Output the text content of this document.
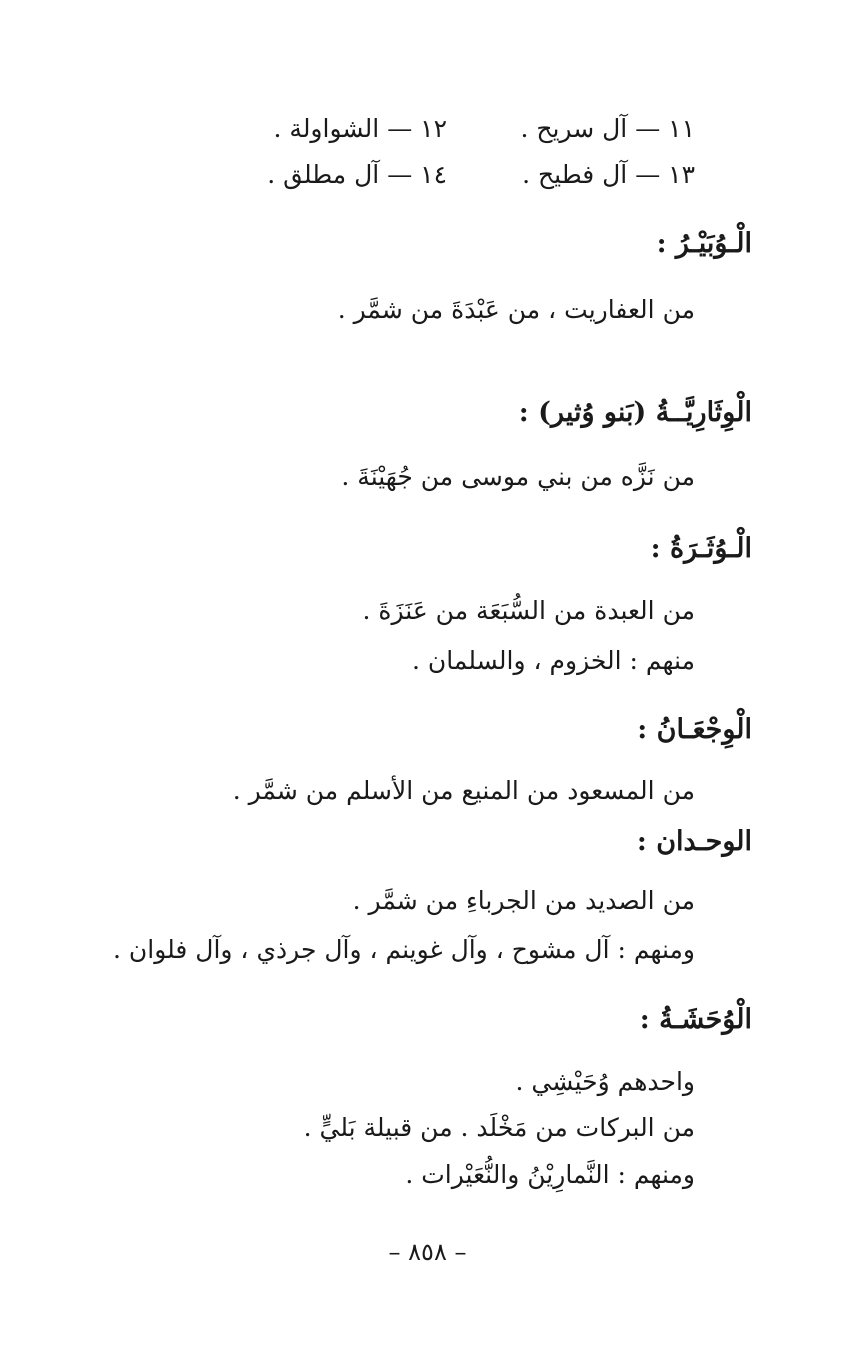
١١ — آل سريح .
١٢ — الشواولة .
١٣ — آل فطيح .
١٤ — آل مطلق .
الْـوُبَيْـرُ :
من العفاريت ، من عَبْدَةَ من شمَّر .
الْوِثَارِيَّــةُ (بَنو وُثير) :
من نَزَّه من بني موسى من جُهَيْنَةَ .
الْـوُثَـرَةُ :
من العبدة من السُّبَعَة من عَنَزَةَ .
منهم : الخزوم ، والسلمان .
الْوِجْعَـانُ :
من المسعود من المنيع من الأسلم من شمَّر .
الوحـدان :
من الصديد من الجرباءِ من شمَّر .
ومنهم : آل مشوح ، وآل غوينم ، وآل جرذي ، وآل فلوان .
الْوُحَشَـةُ :
واحدهم وُحَيْشِي .
من البركات من مَخْلَد . من قبيلة بَليٍّ .
ومنهم : النَّمارِيْنُ والنُّعَيْرات .
– ٨٥٨ –
